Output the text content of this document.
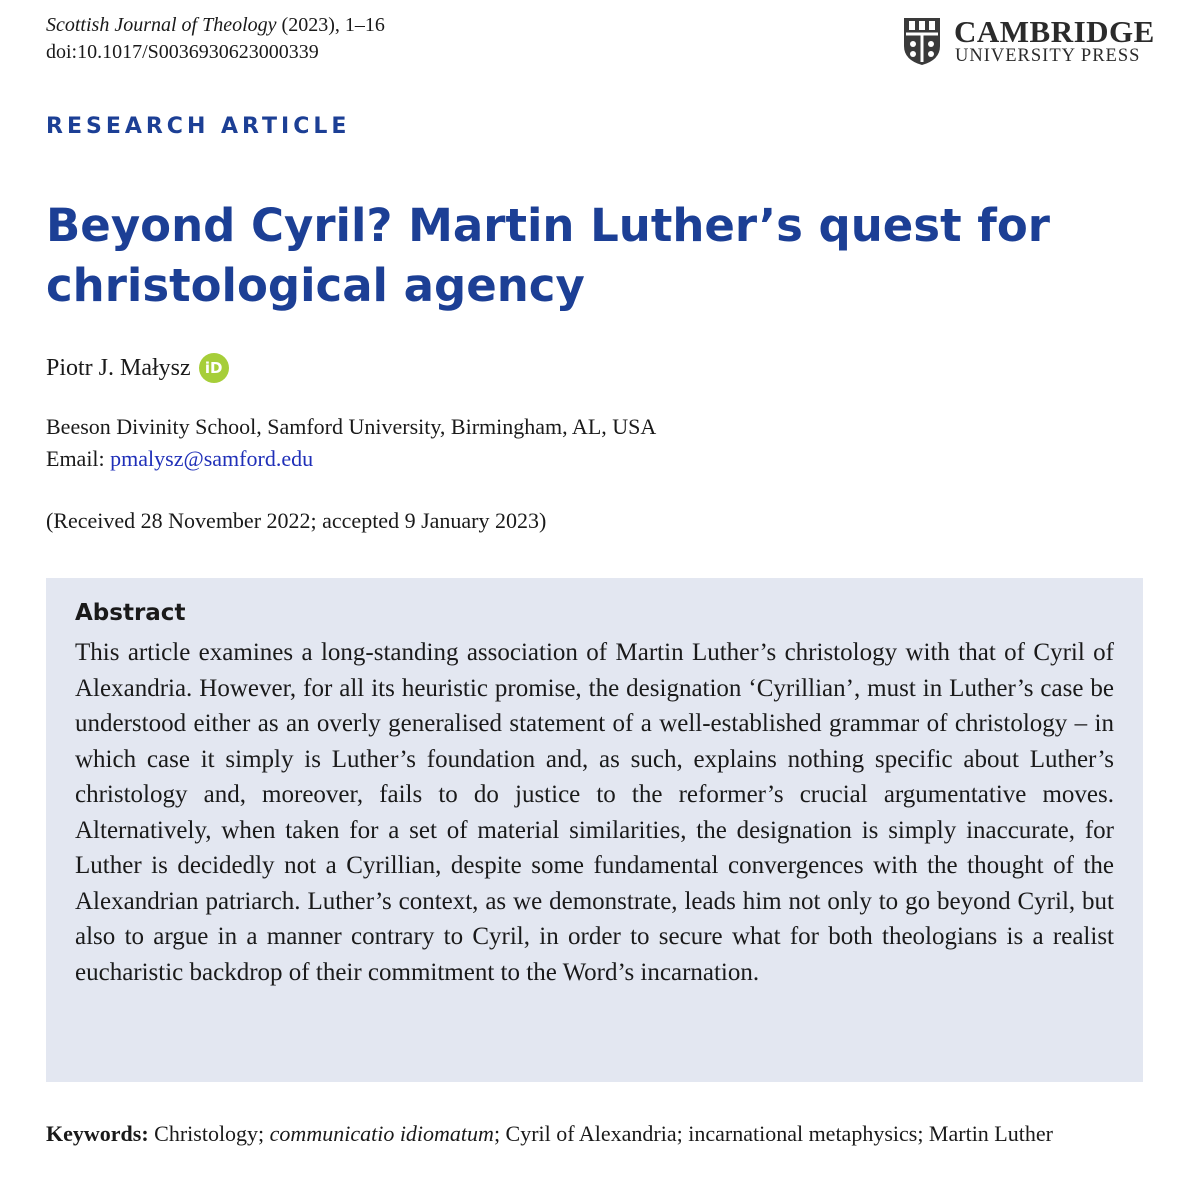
Scottish Journal of Theology (2023), 1–16
doi:10.1017/S0036930623000339
CAMBRIDGE
UNIVERSITY PRESS
RESEARCH ARTICLE
Beyond Cyril? Martin Luther’s quest for christological agency
Piotr J. Małysz iD
Beeson Divinity School, Samford University, Birmingham, AL, USA
Email: pmalysz@samford.edu
(Received 28 November 2022; accepted 9 January 2023)
Abstract

This article examines a long-standing association of Martin Luther’s christology with that of Cyril of Alexandria. However, for all its heuristic promise, the designation ‘Cyrillian’, must in Luther’s case be understood either as an overly generalised statement of a well-established grammar of christology – in which case it simply is Luther’s foundation and, as such, explains nothing specific about Luther’s christology and, moreover, fails to do justice to the reformer’s crucial argumentative moves. Alternatively, when taken for a set of material similarities, the designation is simply inaccurate, for Luther is decidedly not a Cyrillian, despite some fundamental convergences with the thought of the Alexandrian patriarch. Luther’s context, as we demonstrate, leads him not only to go beyond Cyril, but also to argue in a manner contrary to Cyril, in order to secure what for both theologians is a realist eucharistic backdrop of their commitment to the Word’s incarnation.

Keywords: Christology; communicatio idiomatum; Cyril of Alexandria; incarnational metaphysics; Martin Luther
